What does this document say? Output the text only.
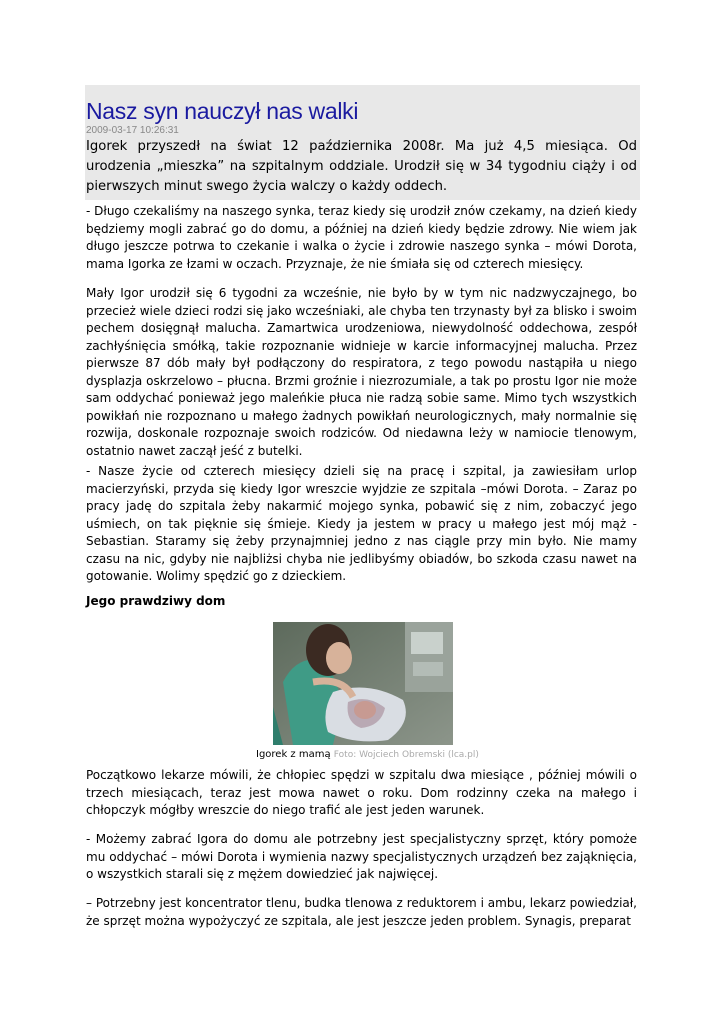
Nasz syn nauczył nas walki
2009-03-17 10:26:31

Igorek przyszedł na świat 12 października 2008r. Ma już 4,5 miesiąca. Od urodzenia „mieszka” na szpitalnym oddziale. Urodził się w 34 tygodniu ciąży i od pierwszych minut swego życia walczy o każdy oddech.

- Długo czekaliśmy na naszego synka, teraz kiedy się urodził znów czekamy, na dzień kiedy będziemy mogli zabrać go do domu, a później na dzień kiedy będzie zdrowy. Nie wiem jak długo jeszcze potrwa to czekanie i walka o życie i zdrowie naszego synka – mówi Dorota, mama Igorka ze łzami w oczach. Przyznaje, że nie śmiała się od czterech miesięcy.

Mały Igor urodził się 6 tygodni za wcześnie, nie było by w tym nic nadzwyczajnego, bo przecież wiele dzieci rodzi się jako wcześniaki, ale chyba ten trzynasty był za blisko i swoim pechem dosięgnął malucha. Zamartwica urodzeniowa, niewydolność oddechowa, zespół zachłyśnięcia smółką, takie rozpoznanie widnieje w karcie informacyjnej malucha. Przez pierwsze 87 dób mały był podłączony do respiratora, z tego powodu nastąpiła u niego dysplazja oskrzelowo – płucna. Brzmi groźnie i niezrozumiale, a tak po prostu Igor nie może sam oddychać ponieważ jego maleńkie płuca nie radzą sobie same. Mimo tych wszystkich powikłań nie rozpoznano u małego żadnych powikłań neurologicznych, mały normalnie się rozwija, doskonale rozpoznaje swoich rodziców. Od niedawna leży w namiocie tlenowym, ostatnio nawet zaczął jeść z butelki.

- Nasze życie od czterech miesięcy dzieli się na pracę i szpital, ja zawiesiłam urlop macierzyński, przyda się kiedy Igor wreszcie wyjdzie ze szpitala –mówi Dorota. – Zaraz po pracy jadę do szpitala żeby nakarmić mojego synka, pobawić się z nim, zobaczyć jego uśmiech, on tak pięknie się śmieje. Kiedy ja jestem w pracy u małego jest mój mąż - Sebastian. Staramy się żeby przynajmniej jedno z nas ciągle przy min było. Nie mamy czasu na nic, gdyby nie najbliżsi chyba nie jedlibyśmy obiadów, bo szkoda czasu nawet na gotowanie. Wolimy spędzić go z dzieckiem.

Jego prawdziwy dom
Igorek z mamą Foto: Wojciech Obremski (lca.pl)

Początkowo lekarze mówili, że chłopiec spędzi w szpitalu dwa miesiące , później mówili o trzech miesiącach, teraz jest mowa nawet o roku. Dom rodzinny czeka na małego i chłopczyk mógłby wreszcie do niego trafić ale jest jeden warunek.

- Możemy zabrać Igora do domu ale potrzebny jest specjalistyczny sprzęt, który pomoże mu oddychać – mówi Dorota i wymienia nazwy specjalistycznych urządzeń bez zająknięcia, o wszystkich starali się z mężem dowiedzieć jak najwięcej.

– Potrzebny jest koncentrator tlenu, budka tlenowa z reduktorem i ambu, lekarz powiedział, że sprzęt można wypożyczyć ze szpitala, ale jest jeszcze jeden problem. Synagis, preparat
